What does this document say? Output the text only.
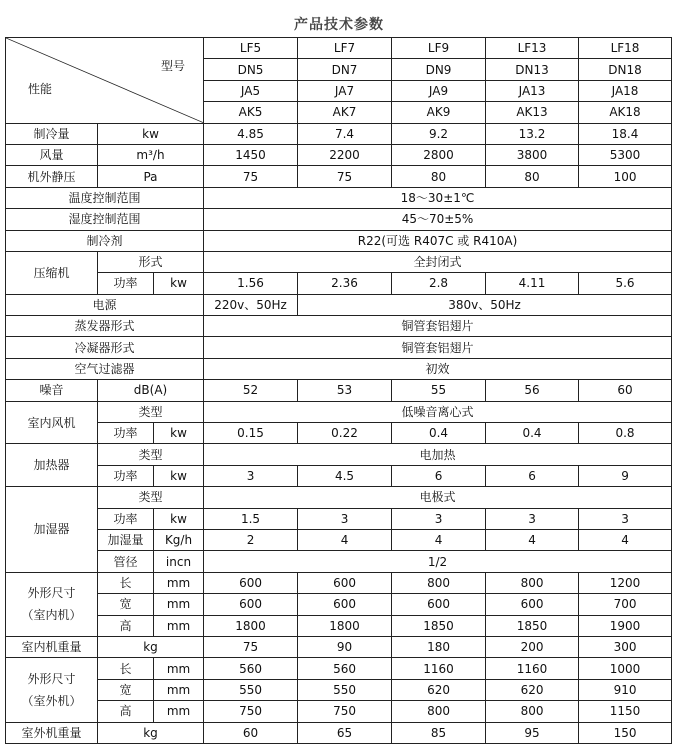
产品技术参数
型号
性能			LF5	LF7	LF9	LF13	LF18
			DN5	DN7	DN9	DN13	DN18
			JA5	JA7	JA9	JA13	JA18
			AK5	AK7	AK9	AK13	AK18
制冷量	kw		4.85	7.4	9.2	13.2	18.4
风量	m³/h		1450	2200	2800	3800	5300
机外静压	Pa		75	75	80	80	100
温度控制范围			18～30±1℃				
湿度控制范围			45～70±5%				
制冷剂			R22(可选 R407C 或 R410A)				
压缩机	形式		全封闭式				
	功率	kw	1.56	2.36	2.8	4.11	5.6
电源			220v、50Hz	380v、50Hz			
蒸发器形式			铜管套铝翅片				
冷凝器形式			铜管套铝翅片				
空气过滤器			初效				
噪音	dB(A)		52	53	55	56	60
室内风机	类型		低噪音离心式				
	功率	kw	0.15	0.22	0.4	0.4	0.8
加热器	类型		电加热				
	功率	kw	3	4.5	6	6	9
加湿器	类型		电极式				
	功率	kw	1.5	3	3	3	3
	加湿量	Kg/h	2	4	4	4	4
	管径	incn	1/2				

外形尺寸
（室内机）	长	mm	600	600	800	800	1200
	宽	mm	600	600	600	600	700
	高	mm	1800	1800	1850	1850	1900
室内机重量	kg		75	90	180	200	300

外形尺寸
（室外机）	长	mm	560	560	1160	1160	1000
	宽	mm	550	550	620	620	910
	高	mm	750	750	800	800	1150
室外机重量	kg		60	65	85	95	150
